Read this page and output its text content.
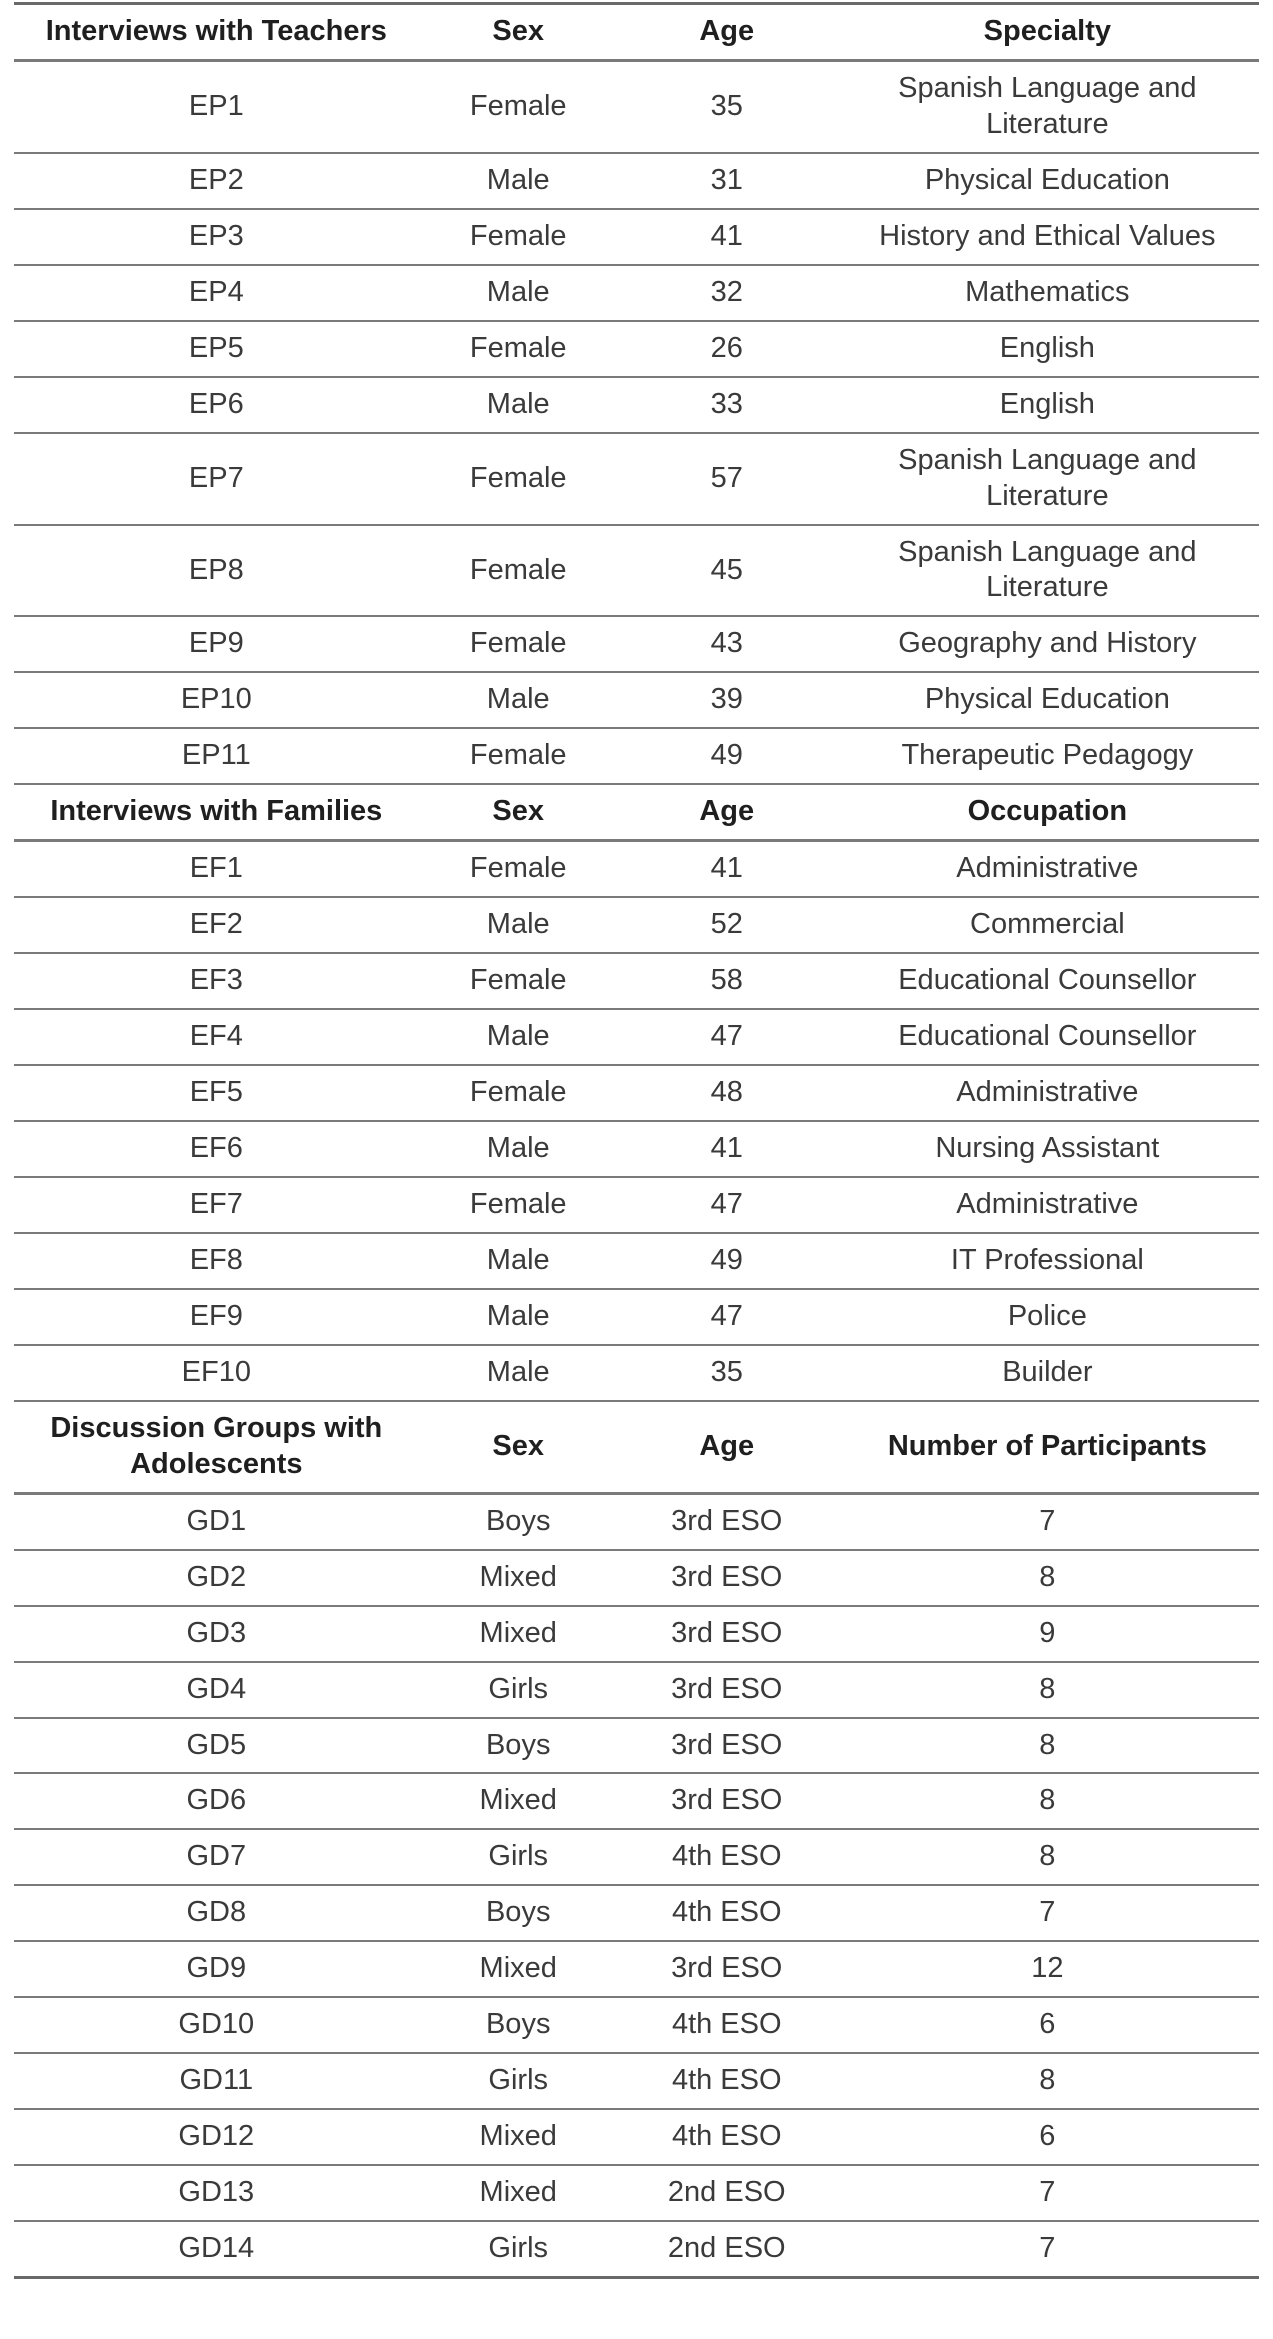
Interviews with Teachers	Sex	Age	Specialty
EP1	Female	35	Spanish Language and Literature
EP2	Male	31	Physical Education
EP3	Female	41	History and Ethical Values
EP4	Male	32	Mathematics
EP5	Female	26	English
EP6	Male	33	English
EP7	Female	57	Spanish Language and Literature
EP8	Female	45	Spanish Language and Literature
EP9	Female	43	Geography and History
EP10	Male	39	Physical Education
EP11	Female	49	Therapeutic Pedagogy
Interviews with Families	Sex	Age	Occupation
EF1	Female	41	Administrative
EF2	Male	52	Commercial
EF3	Female	58	Educational Counsellor
EF4	Male	47	Educational Counsellor
EF5	Female	48	Administrative
EF6	Male	41	Nursing Assistant
EF7	Female	47	Administrative
EF8	Male	49	IT Professional
EF9	Male	47	Police
EF10	Male	35	Builder
Discussion Groups with Adolescents	Sex	Age	Number of Participants
GD1	Boys	3rd ESO	7
GD2	Mixed	3rd ESO	8
GD3	Mixed	3rd ESO	9
GD4	Girls	3rd ESO	8
GD5	Boys	3rd ESO	8
GD6	Mixed	3rd ESO	8
GD7	Girls	4th ESO	8
GD8	Boys	4th ESO	7
GD9	Mixed	3rd ESO	12
GD10	Boys	4th ESO	6
GD11	Girls	4th ESO	8
GD12	Mixed	4th ESO	6
GD13	Mixed	2nd ESO	7
GD14	Girls	2nd ESO	7
